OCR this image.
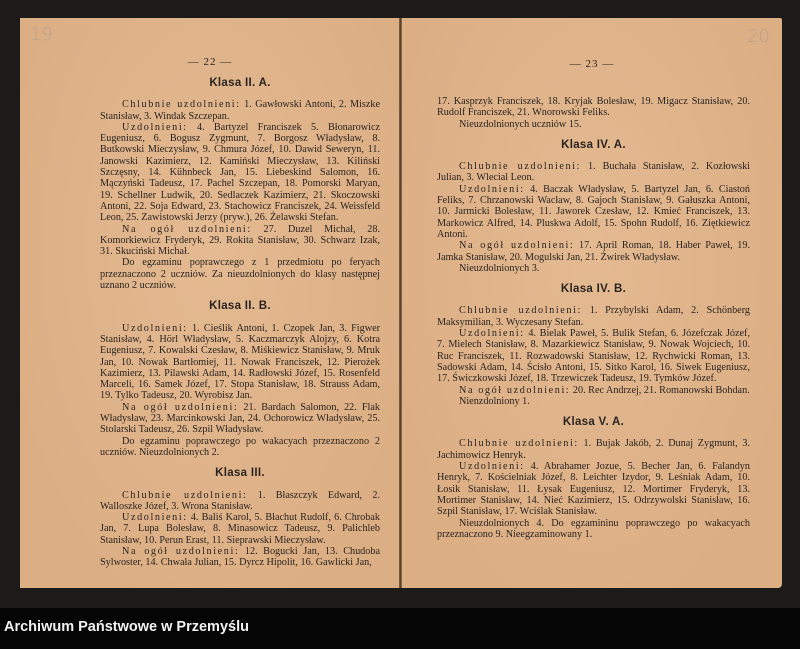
19
— 22 —
Klasa II. A.

Chlubnie uzdolnieni: 1. Gawłowski Antoni, 2. Miszke Stanisław, 3. Windak Szczepan.

Uzdolnieni: 4. Bartyzel Franciszek 5. Błonarowicz Eugeniusz, 6. Bogusz Zygmunt, 7. Borgosz Władysław, 8. Butkowski Mieczysław, 9. Chmura Józef, 10. Dawid Seweryn, 11. Janowski Kazimierz, 12. Kamiński Mieczysław, 13. Kiliński Szczęsny, 14. Kühnbeck Jan, 15. Liebeskind Salomon, 16. Mączyński Tadeusz, 17. Pachel Szczepan, 18. Pomorski Maryan, 19. Schellner Ludwik, 20. Sedlaczek Kazimierz, 21. Skoczowski Antoni, 22. Soja Edward, 23. Stachowicz Franciszek, 24. Weissfeld Leon, 25. Zawistowski Jerzy (pryw.), 26. Żelawski Stefan.

Na ogół uzdolnieni: 27. Duzel Michał, 28. Komorkiewicz Fryderyk, 29. Rokita Stanisław, 30. Schwarz Izak, 31. Skuciński Michał.

Do egzaminu poprawczego z 1 przedmiotu po feryach przeznaczono 2 uczniów. Za nieuzdolnionych do klasy następnej uznano 2 uczniów.

Klasa II. B.

Uzdolnieni: 1. Cieślik Antoni, 1. Czopek Jan, 3. Figwer Stanisław, 4. Hörl Władysław, 5. Kaczmarczyk Alojzy, 6. Kotra Eugeniusz, 7. Kowalski Czesław, 8. Miśkiewicz Stanisław, 9. Mruk Jan, 10. Nowak Bartłomiej, 11. Nowak Franciszek, 12. Pierożek Kazimierz, 13. Pilawski Adam, 14. Radłowski Józef, 15. Rosenfeld Marceli, 16. Samek Józef, 17. Stopa Stanisław, 18. Strauss Adam, 19. Tylko Tadeusz, 20. Wyrobisz Jan.

Na ogół uzdolnieni: 21. Bardach Salomon, 22. Flak Władysław, 23. Marcinkowski Jan, 24. Ochorowicz Władysław, 25. Stolarski Tadeusz, 26. Szpil Władysław.

Do egzaminu poprawczego po wakacyach przeznaczono 2 uczniów. Nieuzdolnionych 2.

Klasa III.

Chlubnie uzdolnieni: 1. Błaszczyk Edward, 2. Walloszke Józef, 3. Wrona Stanisław.

Uzdolnieni: 4. Baliś Karol, 5. Błachut Rudolf, 6. Chrobak Jan, 7. Lupa Bolesław, 8. Minasowicz Tadeusz, 9. Palichleb Stanisław, 10. Perun Erast, 11. Sieprawski Mieczysław.

Na ogół uzdolnieni: 12. Bogucki Jan, 13. Chudoba Sylwoster, 14. Chwała Julian, 15. Dyrcz Hipolit, 16. Gawlicki Jan,

20
— 23 —

17. Kasprzyk Franciszek, 18. Kryjak Bolesław, 19. Migacz Stanisław, 20. Rudolf Franciszek, 21. Wnorowski Feliks.

Nieuzdolnionych uczniów 15.

Klasa IV. A.

Chlubnie uzdolnieni: 1. Buchała Stanisław, 2. Kozłowski Julian, 3. Wlecial Leon.

Uzdolnieni: 4. Baczak Władysław, 5. Bartyzel Jan, 6. Ciastoń Feliks, 7. Chrzanowski Wacław, 8. Gajoch Stanisław, 9. Gałuszka Antoni, 10. Jarmicki Bolesław, 11. Jaworek Czesław, 12. Kmieć Franciszek, 13. Markowicz Alfred, 14. Pluskwa Adolf, 15. Spohn Rudolf, 16. Ziętkiewicz Antoni.

Na ogół uzdolnieni: 17. April Roman, 18. Haber Paweł, 19. Jamka Stanisław, 20. Mogulski Jan, 21. Żwirek Władysław.

Nieuzdolnionych 3.

Klasa IV. B.

Chlubnie uzdolnieni: 1. Przybylski Adam, 2. Schönberg Maksymilian, 3. Wyczesany Stefan.

Uzdolnieni: 4. Bielak Paweł, 5. Bulik Stefan, 6. Józefczak Józef, 7. Mielech Stanisław, 8. Mazarkiewicz Stanisław, 9. Nowak Wojciech, 10. Ruc Franciszek, 11. Rozwadowski Stanisław, 12. Rychwicki Roman, 13. Sadowski Adam, 14. Ścisło Antoni, 15. Sitko Karol, 16. Siwek Eugeniusz, 17. Świczkowski Józef, 18. Trzewiczek Tadeusz, 19. Tymków Józef.

Na ogół uzdolnieni: 20. Rec Andrzej, 21. Romanowski Bohdan.

Nienzdolniony 1.

Klasa V. A.

Chlubnie uzdolnieni: 1. Bujak Jakób, 2. Dunaj Zygmunt, 3. Jachimowicz Henryk.

Uzdolnieni: 4. Abrahamer Jozue, 5. Becher Jan, 6. Falandyn Henryk, 7. Kościelniak Józef, 8. Leichter Izydor, 9. Leśniak Adam, 10. Łosik Stanisław, 11. Łysak Eugeniusz, 12. Mortimer Fryderyk, 13. Mortimer Stanisław, 14. Nieć Kazimierz, 15. Odrzywolski Stanisław, 16. Szpil Stanisław, 17. Wciślak Stanisław.

Nieuzdolnionych 4. Do egzamininu poprawczego po wakacyach przeznaczono 9. Nieegzaminowany 1.

Archiwum Państwowe w Przemyślu
